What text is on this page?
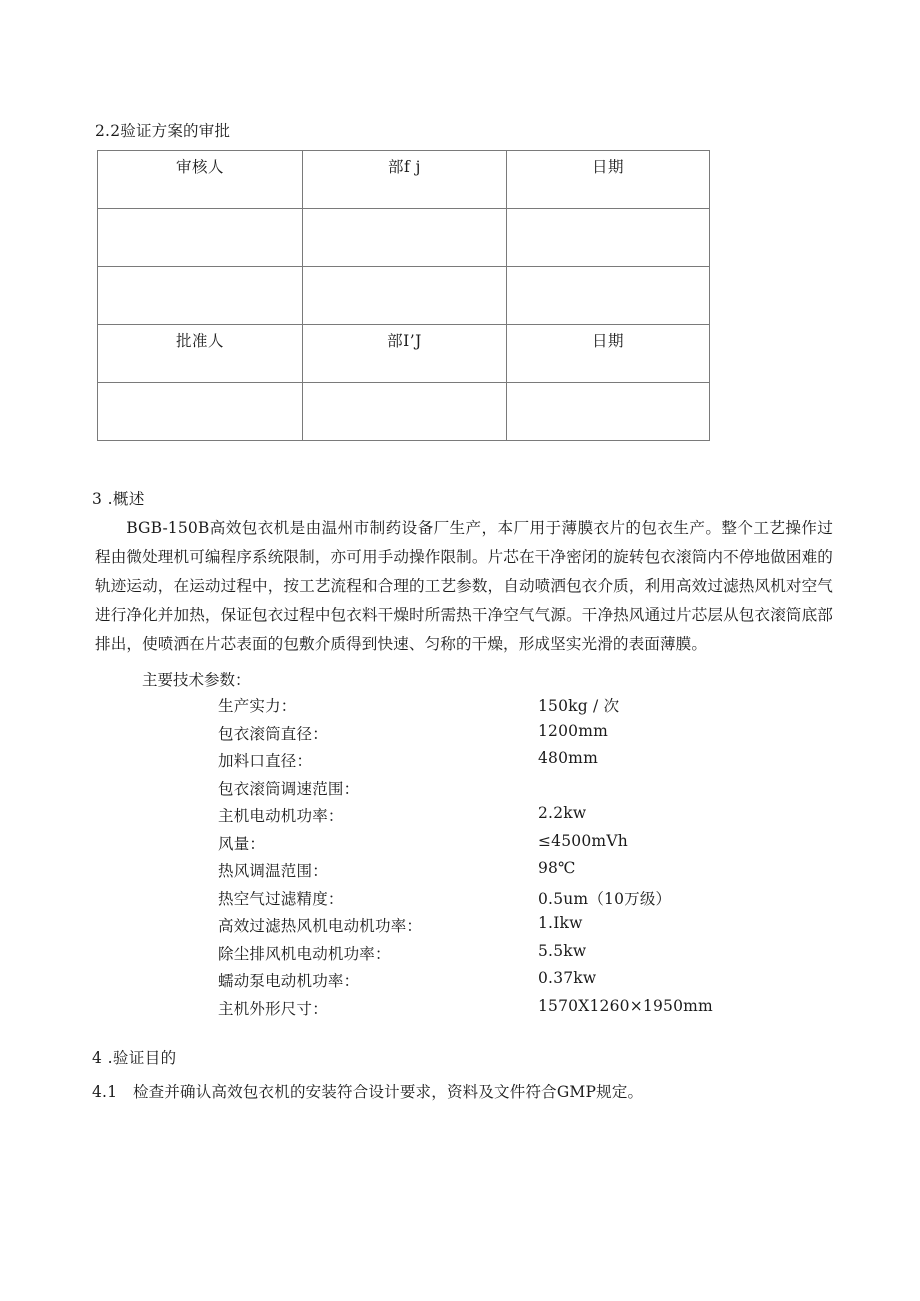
2.2验证方案的审批
审核人	部f j	日期

批准人	部I’J	日期

3 .概述
BGB-150B高效包衣机是由温州市制药设备厂生产，本厂用于薄膜衣片的包衣生产。整个工艺操作过程由微处理机可编程序系统限制，亦可用手动操作限制。片芯在干净密闭的旋转包衣滚筒内不停地做困难的轨迹运动，在运动过程中，按工艺流程和合理的工艺参数，自动喷洒包衣介质，利用高效过滤热风机对空气进行净化并加热，保证包衣过程中包衣料干燥时所需热干净空气气源。干净热风通过片芯层从包衣滚筒底部排出，使喷洒在片芯表面的包敷介质得到快速、匀称的干燥，形成坚实光滑的表面薄膜。
主要技术参数：
生产实力：	150kg / 次
包衣滚筒直径：	1200mm
加料口直径：	480mm
包衣滚筒调速范围：
主机电动机功率：	2.2kw
风量：	≤4500mVh
热风调温范围：	98℃
热空气过滤精度：	0.5um（10万级）
高效过滤热风机电动机功率：	1.Ikw
除尘排风机电动机功率：	5.5kw
蠕动泵电动机功率：	0.37kw
主机外形尺寸：	1570X1260×1950mm
4 .验证目的
4.1　检查并确认高效包衣机的安装符合设计要求，资料及文件符合GMP规定。
